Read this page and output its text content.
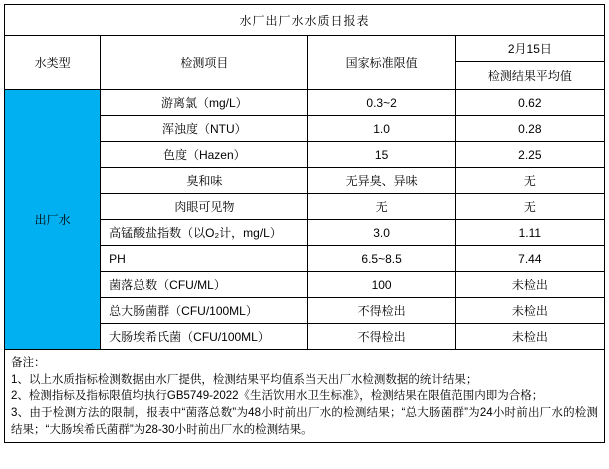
水厂出厂水水质日报表			
水类型	检测项目	国家标准限值	2月15日
			检测结果平均值
出厂水	游离氯（mg/L）	0.3~2	0.62
	浑浊度（NTU）	1.0	0.28
	色度（Hazen）	15	2.25
	臭和味	无异臭、异味	无
	肉眼可见物	无	无
	高锰酸盐指数（以O₂计，mg/L）	3.0	1.11
	PH	6.5~8.5	7.44
	菌落总数（CFU/ML）	100	未检出
	总大肠菌群（CFU/100ML）	不得检出	未检出
	大肠埃希氏菌（CFU/100ML）	不得检出	未检出

备注：

1、以上水质指标检测数据由水厂提供，检测结果平均值系当天出厂水检测数据的统计结果；

2、检测指标及指标限值均执行GB5749-2022《生活饮用水卫生标准》，检测结果在限值范围内即为合格；

3、由于检测方法的限制，报表中“菌落总数”为48小时前出厂水的检测结果；“总大肠菌群”为24小时前出厂水的检测结果；“大肠埃希氏菌群”为28-30小时前出厂水的检测结果。
